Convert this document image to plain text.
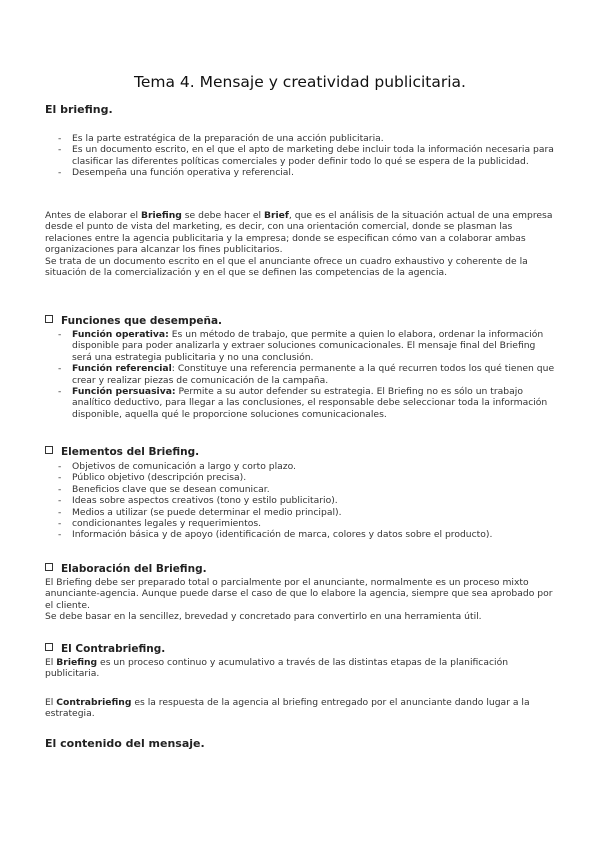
Tema 4. Mensaje y creatividad publicitaria.
El briefing.
- Es la parte estratégica de la preparación de una acción publicitaria.
- Es un documento escrito, en el que el apto de marketing debe incluir toda la información necesaria para clasificar las diferentes políticas comerciales y poder definir todo lo qué se espera de la publicidad.
- Desempeña una función operativa y referencial.

Antes de elaborar el Briefing se debe hacer el Brief, que es el análisis de la situación actual de una empresa desde el punto de vista del marketing, es decir, con una orientación comercial, donde se plasman las relaciones entre la agencia publicitaria y la empresa; donde se especifican cómo van a colaborar ambas organizaciones para alcanzar los fines publicitarios.
Se trata de un documento escrito en el que el anunciante ofrece un cuadro exhaustivo y coherente de la situación de la comercialización y en el que se definen las competencias de la agencia.

Funciones que desempeña.
- Función operativa: Es un método de trabajo, que permite a quien lo elabora, ordenar la información disponible para poder analizarla y extraer soluciones comunicacionales. El mensaje final del Briefing será una estrategia publicitaria y no una conclusión.
- Función referencial: Constituye una referencia permanente a la qué recurren todos los qué tienen que crear y realizar piezas de comunicación de la campaña.
- Función persuasiva: Permite a su autor defender su estrategia. El Briefing no es sólo un trabajo analítico deductivo, para llegar a las conclusiones, el responsable debe seleccionar toda la información disponible, aquella qué le proporcione soluciones comunicacionales.
Elementos del Briefing.
- Objetivos de comunicación a largo y corto plazo.
- Público objetivo (descripción precisa).
- Beneficios clave que se desean comunicar.
- Ideas sobre aspectos creativos (tono y estilo publicitario).
- Medios a utilizar (se puede determinar el medio principal).
- condicionantes legales y requerimientos.
- Información básica y de apoyo (identificación de marca, colores y datos sobre el producto).
Elaboración del Briefing.

El Briefing debe ser preparado total o parcialmente por el anunciante, normalmente es un proceso mixto anunciante-agencia. Aunque puede darse el caso de que lo elabore la agencia, siempre que sea aprobado por el cliente.
Se debe basar en la sencillez, brevedad y concretado para convertirlo en una herramienta útil.

El Contrabriefing.

El Briefing es un proceso continuo y acumulativo a través de las distintas etapas de la planificación publicitaria.

El Contrabriefing es la respuesta de la agencia al briefing entregado por el anunciante dando lugar a la estrategia.

El contenido del mensaje.
